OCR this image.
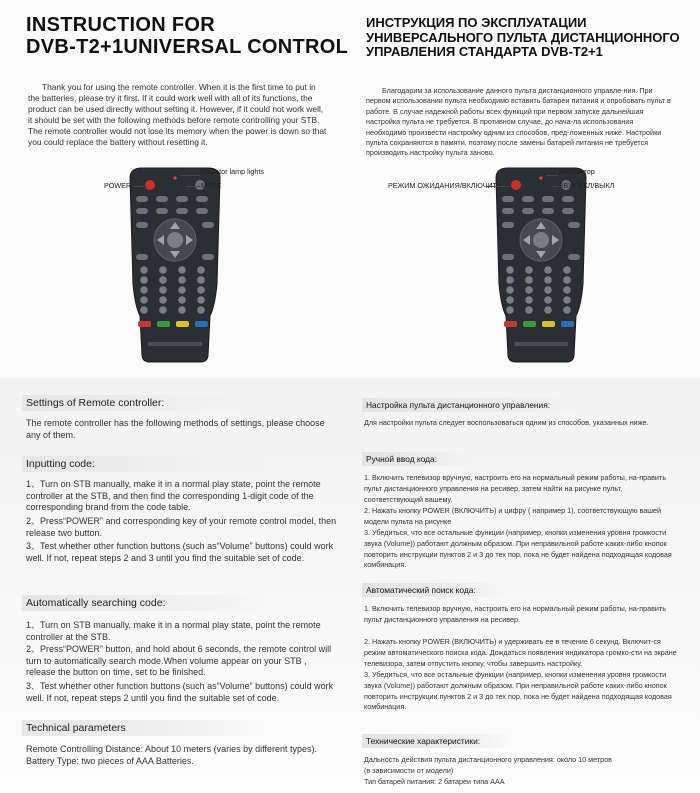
INSTRUCTION FOR
DVB-T2+1UNIVERSAL CONTROL

Thank you for using the remote controller. When it is the first time to put in the batteries, please try it first. If it could work well with all of its functions, the product can be used directly without setting it. However, if it could not work well, it should be set with the following methods before remote controlling your STB. The remote controller would not lose its memory when the power is down so that you could replace the battery without resetting it.

Indicator lamp lights
POWER	MUTE
Settings of Remote controller:

The remote controller has the following methods of settings, please choose any of them.

Inputting code:

1、Turn on STB manually, make it in a normal play state, point the remote controller at the STB, and then find the corresponding 1-digit code of the corresponding brand from the code table.

2、Press“POWER” and corresponding key of your remote control model, then release two button.

3、Test whether other function buttons (such as“Volume” buttons) could work well. If not, repeat steps 2 and 3 until you find the suitable set of code.

Automatically searching code:

1、Turn on STB manually, make it in a normal play state, point the remote controller at the STB.

2、Press“POWER” button, and hold about 6 seconds, the remote control will turn to automatically search mode.When volume appear on your STB , release the button on time, set to be finished.

3、Test whether other function buttons (such as“Volume” buttons) could work well. If not, repeat steps 2 until you find the suitable set of code.

Technical parameters

Remote Controlling Distance: About 10 meters (varies by different types).

Battery Type: two pieces of AAA Batteries.

ИНСТРУКЦИЯ ПО ЭКСПЛУАТАЦИИ
УНИВЕРСАЛЬНОГО ПУЛЬТА ДИСТАНЦИОННОГО
УПРАВЛЕНИЯ СТАНДАРТА DVB-T2+1

Благодарим за использование данного пульта дистанционного управле-ния. При первом использовании пульта необходимо вставить батареи питания и опробовать пульт в работе. В случае надежной работы всех функций при первом запуске дальнейшая настройка пульта не требуется. В противном случае, до нача-ла использования необходимо произвести настройку одним из способов, пред-ложенных ниже. Настройки пульта сохраняются в памяти, поэтому после замены батарей питания не требуется производить настройку пульта заново.

Индикатор
РЕЖИМ ОЖИДАНИЯ/ВКЛЮЧИТЬ	ЗВУК ВКЛ/ВЫКЛ
Настройка пульта дистанционного управления:

Для настройки пульта следует воспользоваться одним из способов, указанных ниже.

Ручной ввод кода:

1. Включить телевизор вручную, настроить его на нормальный режим работы, на-править пульт дистанционного управления на ресивер, затем найти на рисунке пульт, соответствующий вашему.

2. Нажать кнопку POWER (ВКЛЮЧИТЬ) и цифру ( например 1), соответствующую вашей модели пульта на рисунке

3. Убедиться, что все остальные функции (например, кнопки изменения уровня громкости звука (Volume)) работают должным образом. При неправильной работе каких-либо кнопок повторить инструкции пунктов 2 и 3 до тех пор, пока не будет найдена подходящая кодовая комбинация.

Автоматический поиск кода:

1. Включить телевизор вручную, настроить его на нормальный режим работы, на-править пульт дистанционного управления на ресивер.

2. Нажать кнопку POWER (ВКЛЮЧИТЬ) и удерживать ее в течение 6 секунд. Включит-ся режим автоматического поиска кода. Дождаться появления индикатора громко-сти на экране телевизора, затем отпустить кнопку, чтобы завершить настройку.

3. Убедиться, что все остальные функции (например, кнопки изменения уровня громкости звука (Volume)) работают должным образом. При неправильной работе каких-либо кнопок повторить инструкции пунктов 2 и 3 до тех пор, пока не будет найдена подходящая кодовая комбинация.

Технические характеристики:

Дальность действия пульта дистанционного управления: около 10 метров

(в зависимости от модели)

Тип батарей питания: 2 батареи типа ААА
